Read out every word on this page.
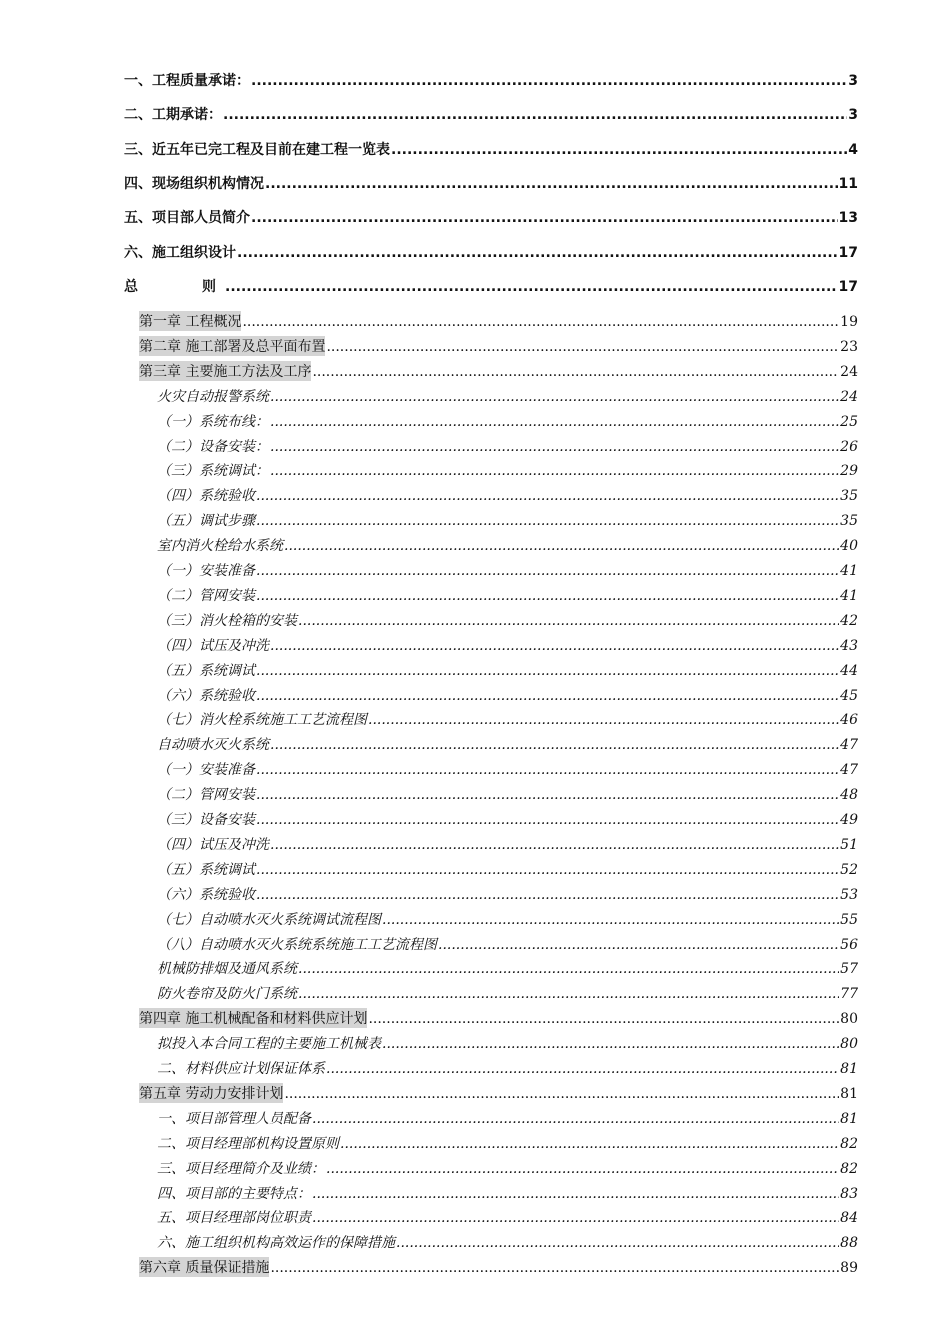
一、工程质量承诺： .....	3
二、工期承诺： .....	3
三、近五年已完工程及目前在建工程一览表 .....	4
四、现场组织机构情况 .....	11
五、项目部人员简介 .....	13
六、施工组织设计 .....	17
总	则 .....	17
第一章 工程概况 .....	19
第二章 施工部署及总平面布置 .....	23
第三章 主要施工方法及工序 .....	24
火灾自动报警系统 .....	24
（一）系统布线： .....	25
（二）设备安装： .....	26
（三）系统调试： .....	29
（四）系统验收 .....	35
（五）调试步骤 .....	35
室内消火栓给水系统 .....	40
（一）安装准备 .....	41
（二）管网安装 .....	41
（三）消火栓箱的安装 .....	42
（四）试压及冲洗 .....	43
（五）系统调试 .....	44
（六）系统验收 .....	45
（七）消火栓系统施工工艺流程图 .....	46
自动喷水灭火系统 .....	47
（一）安装准备 .....	47
（二）管网安装 .....	48
（三）设备安装 .....	49
（四）试压及冲洗 .....	51
（五）系统调试 .....	52
（六）系统验收 .....	53
（七）自动喷水灭火系统调试流程图 .....	55
（八）自动喷水灭火系统系统施工工艺流程图 .....	56
机械防排烟及通风系统 .....	57
防火卷帘及防火门系统 .....	77
第四章 施工机械配备和材料供应计划 .....	80
拟投入本合同工程的主要施工机械表 .....	80
二、材料供应计划保证体系 .....	81
第五章 劳动力安排计划 .....	81
一、项目部管理人员配备 .....	81
二、项目经理部机构设置原则 .....	82
三、项目经理简介及业绩： .....	82
四、项目部的主要特点： .....	83
五、项目经理部岗位职责 .....	84
六、施工组织机构高效运作的保障措施 .....	88
第六章 质量保证措施 .....	89
